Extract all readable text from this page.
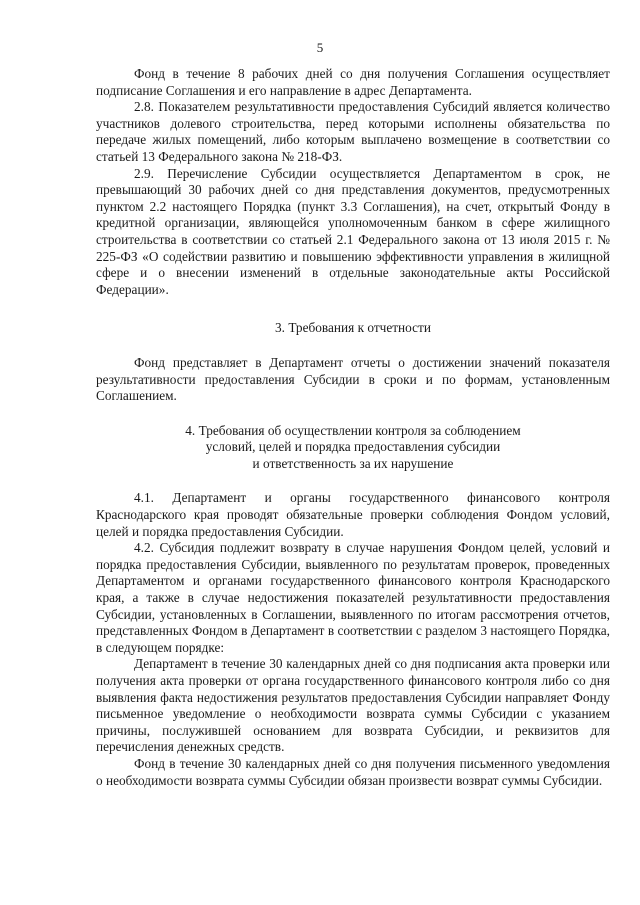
5

Фонд в течение 8 рабочих дней со дня получения Соглашения осуществляет подписание Соглашения и его направление в адрес Департамента.

2.8. Показателем результативности предоставления Субсидий является количество участников долевого строительства, перед которыми исполнены обязательства по передаче жилых помещений, либо которым выплачено возмещение в соответствии со статьей 13 Федерального закона № 218-ФЗ.

2.9. Перечисление Субсидии осуществляется Департаментом в срок, не превышающий 30 рабочих дней со дня представления документов, предусмотренных пунктом 2.2 настоящего Порядка (пункт 3.3 Соглашения), на счет, открытый Фонду в кредитной организации, являющейся уполномоченным банком в сфере жилищного строительства в соответствии со статьей 2.1 Федерального закона от 13 июля 2015 г. № 225-ФЗ «О содействии развитию и повышению эффективности управления в жилищной сфере и о внесении изменений в отдельные законодательные акты Российской Федерации».

3. Требования к отчетности

Фонд представляет в Департамент отчеты о достижении значений показателя результативности предоставления Субсидии в сроки и по формам, установленным Соглашением.

4. Требования об осуществлении контроля за соблюдением
условий, целей и порядка предоставления субсидии
и ответственность за их нарушение

4.1. Департамент и органы государственного финансового контроля Краснодарского края проводят обязательные проверки соблюдения Фондом условий, целей и порядка предоставления Субсидии.

4.2. Субсидия подлежит возврату в случае нарушения Фондом целей, условий и порядка предоставления Субсидии, выявленного по результатам проверок, проведенных Департаментом и органами государственного финансового контроля Краснодарского края, а также в случае недостижения показателей результативности предоставления Субсидии, установленных в Соглашении, выявленного по итогам рассмотрения отчетов, представленных Фондом в Департамент в соответствии с разделом 3 настоящего Порядка, в следующем порядке:

Департамент в течение 30 календарных дней со дня подписания акта проверки или получения акта проверки от органа государственного финансового контроля либо со дня выявления факта недостижения результатов предоставления Субсидии направляет Фонду письменное уведомление о необходимости возврата суммы Субсидии с указанием причины, послужившей основанием для возврата Субсидии, и реквизитов для перечисления денежных средств.

Фонд в течение 30 календарных дней со дня получения письменного уведомления о необходимости возврата суммы Субсидии обязан произвести возврат суммы Субсидии.
